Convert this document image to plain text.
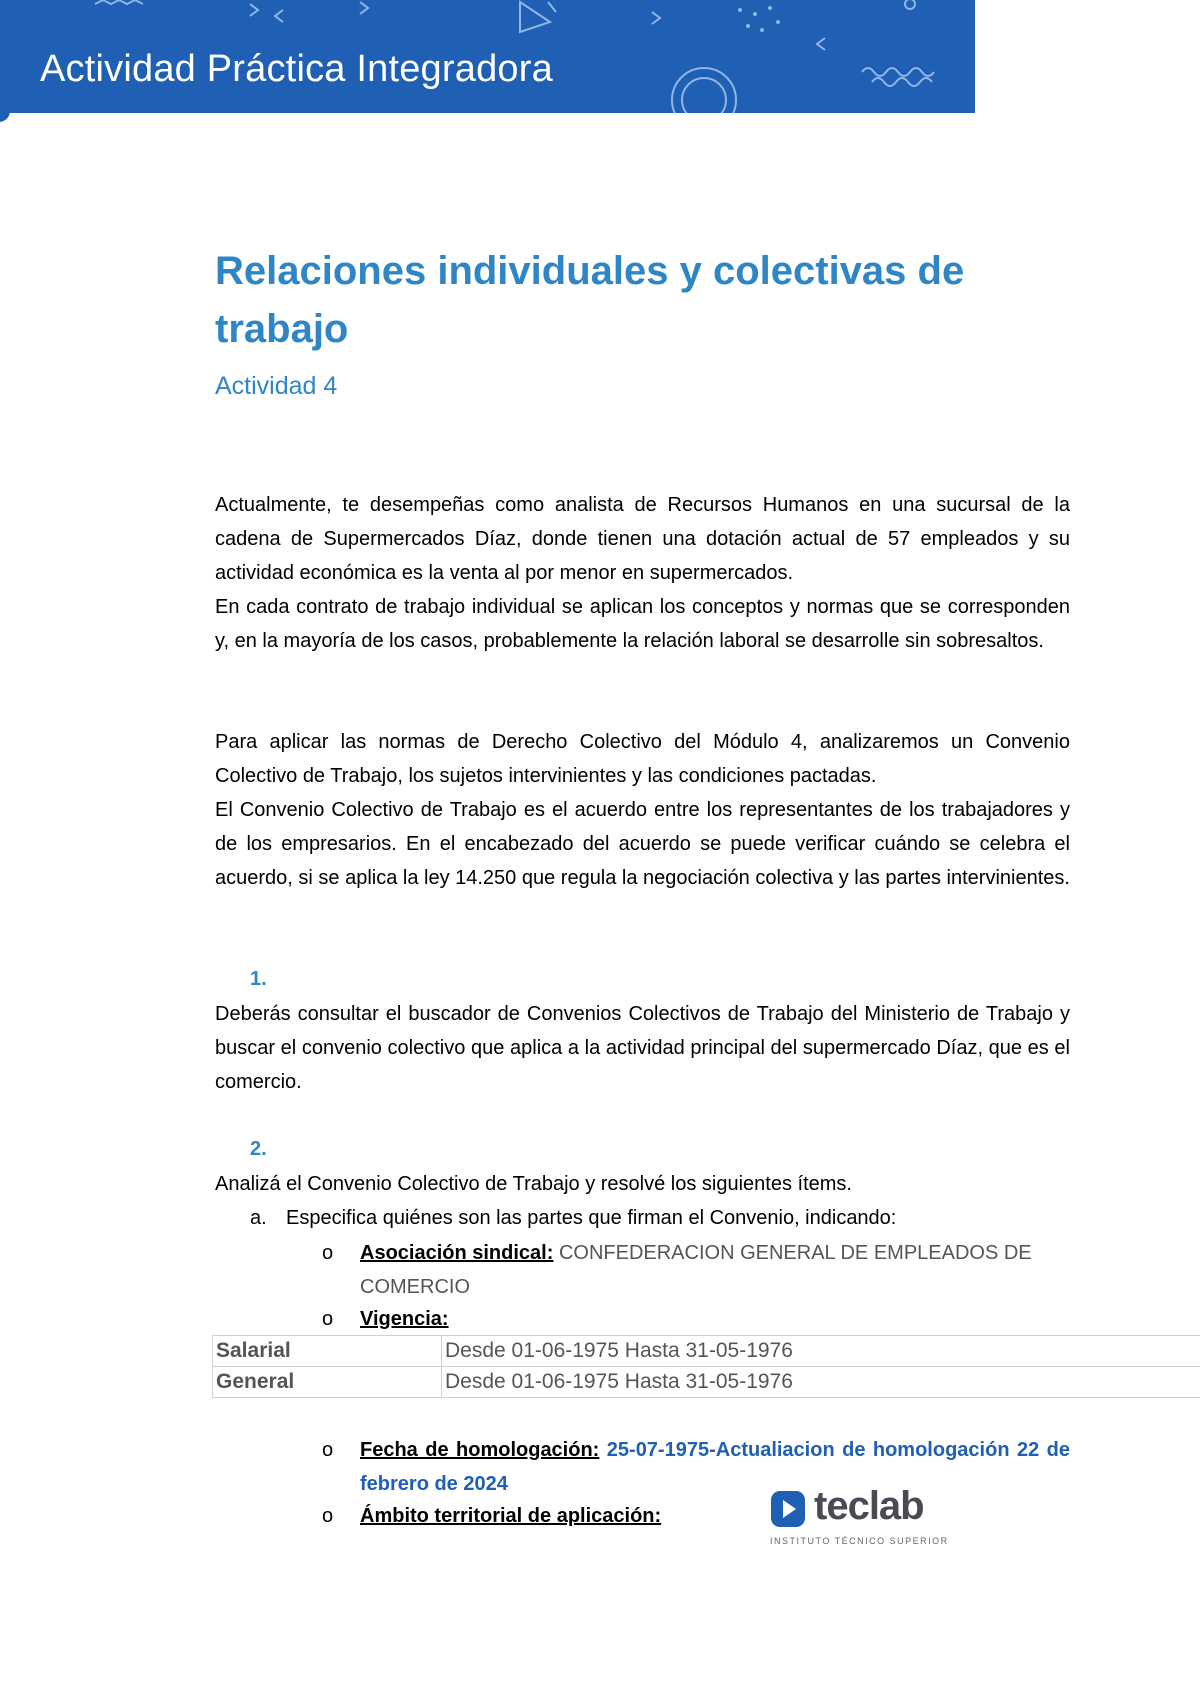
Actividad Práctica Integradora
Relaciones individuales y colectivas de trabajo
Actividad 4
Actualmente, te desempeñas como analista de Recursos Humanos en una sucursal de la cadena de Supermercados Díaz, donde tienen una dotación actual de 57 empleados y su actividad económica es la venta al por menor en supermercados.
En cada contrato de trabajo individual se aplican los conceptos y normas que se corresponden y, en la mayoría de los casos, probablemente la relación laboral se desarrolle sin sobresaltos.
Para aplicar las normas de Derecho Colectivo del Módulo 4, analizaremos un Convenio Colectivo de Trabajo, los sujetos intervinientes y las condiciones pactadas.
El Convenio Colectivo de Trabajo es el acuerdo entre los representantes de los trabajadores y de los empresarios. En el encabezado del acuerdo se puede verificar cuándo se celebra el acuerdo, si se aplica la ley 14.250 que regula la negociación colectiva y las partes intervinientes.
1.
Deberás consultar el buscador de Convenios Colectivos de Trabajo del Ministerio de Trabajo y buscar el convenio colectivo que aplica a la actividad principal del supermercado Díaz, que es el comercio.
2.
Analizá el Convenio Colectivo de Trabajo y resolvé los siguientes ítems.
a. Especifica quiénes son las partes que firman el Convenio, indicando:
o	Asociación sindical: CONFEDERACION GENERAL DE EMPLEADOS DE COMERCIO
o	Vigencia:
Salarial	Desde 01-06-1975 Hasta 31-05-1976
General	Desde 01-06-1975 Hasta 31-05-1976
o	Fecha de homologación: 25-07-1975-Actualiacion de homologación 22 de febrero de 2024
o	Ámbito territorial de aplicación:	teclab
INSTITUTO TÉCNICO SUPERIOR
